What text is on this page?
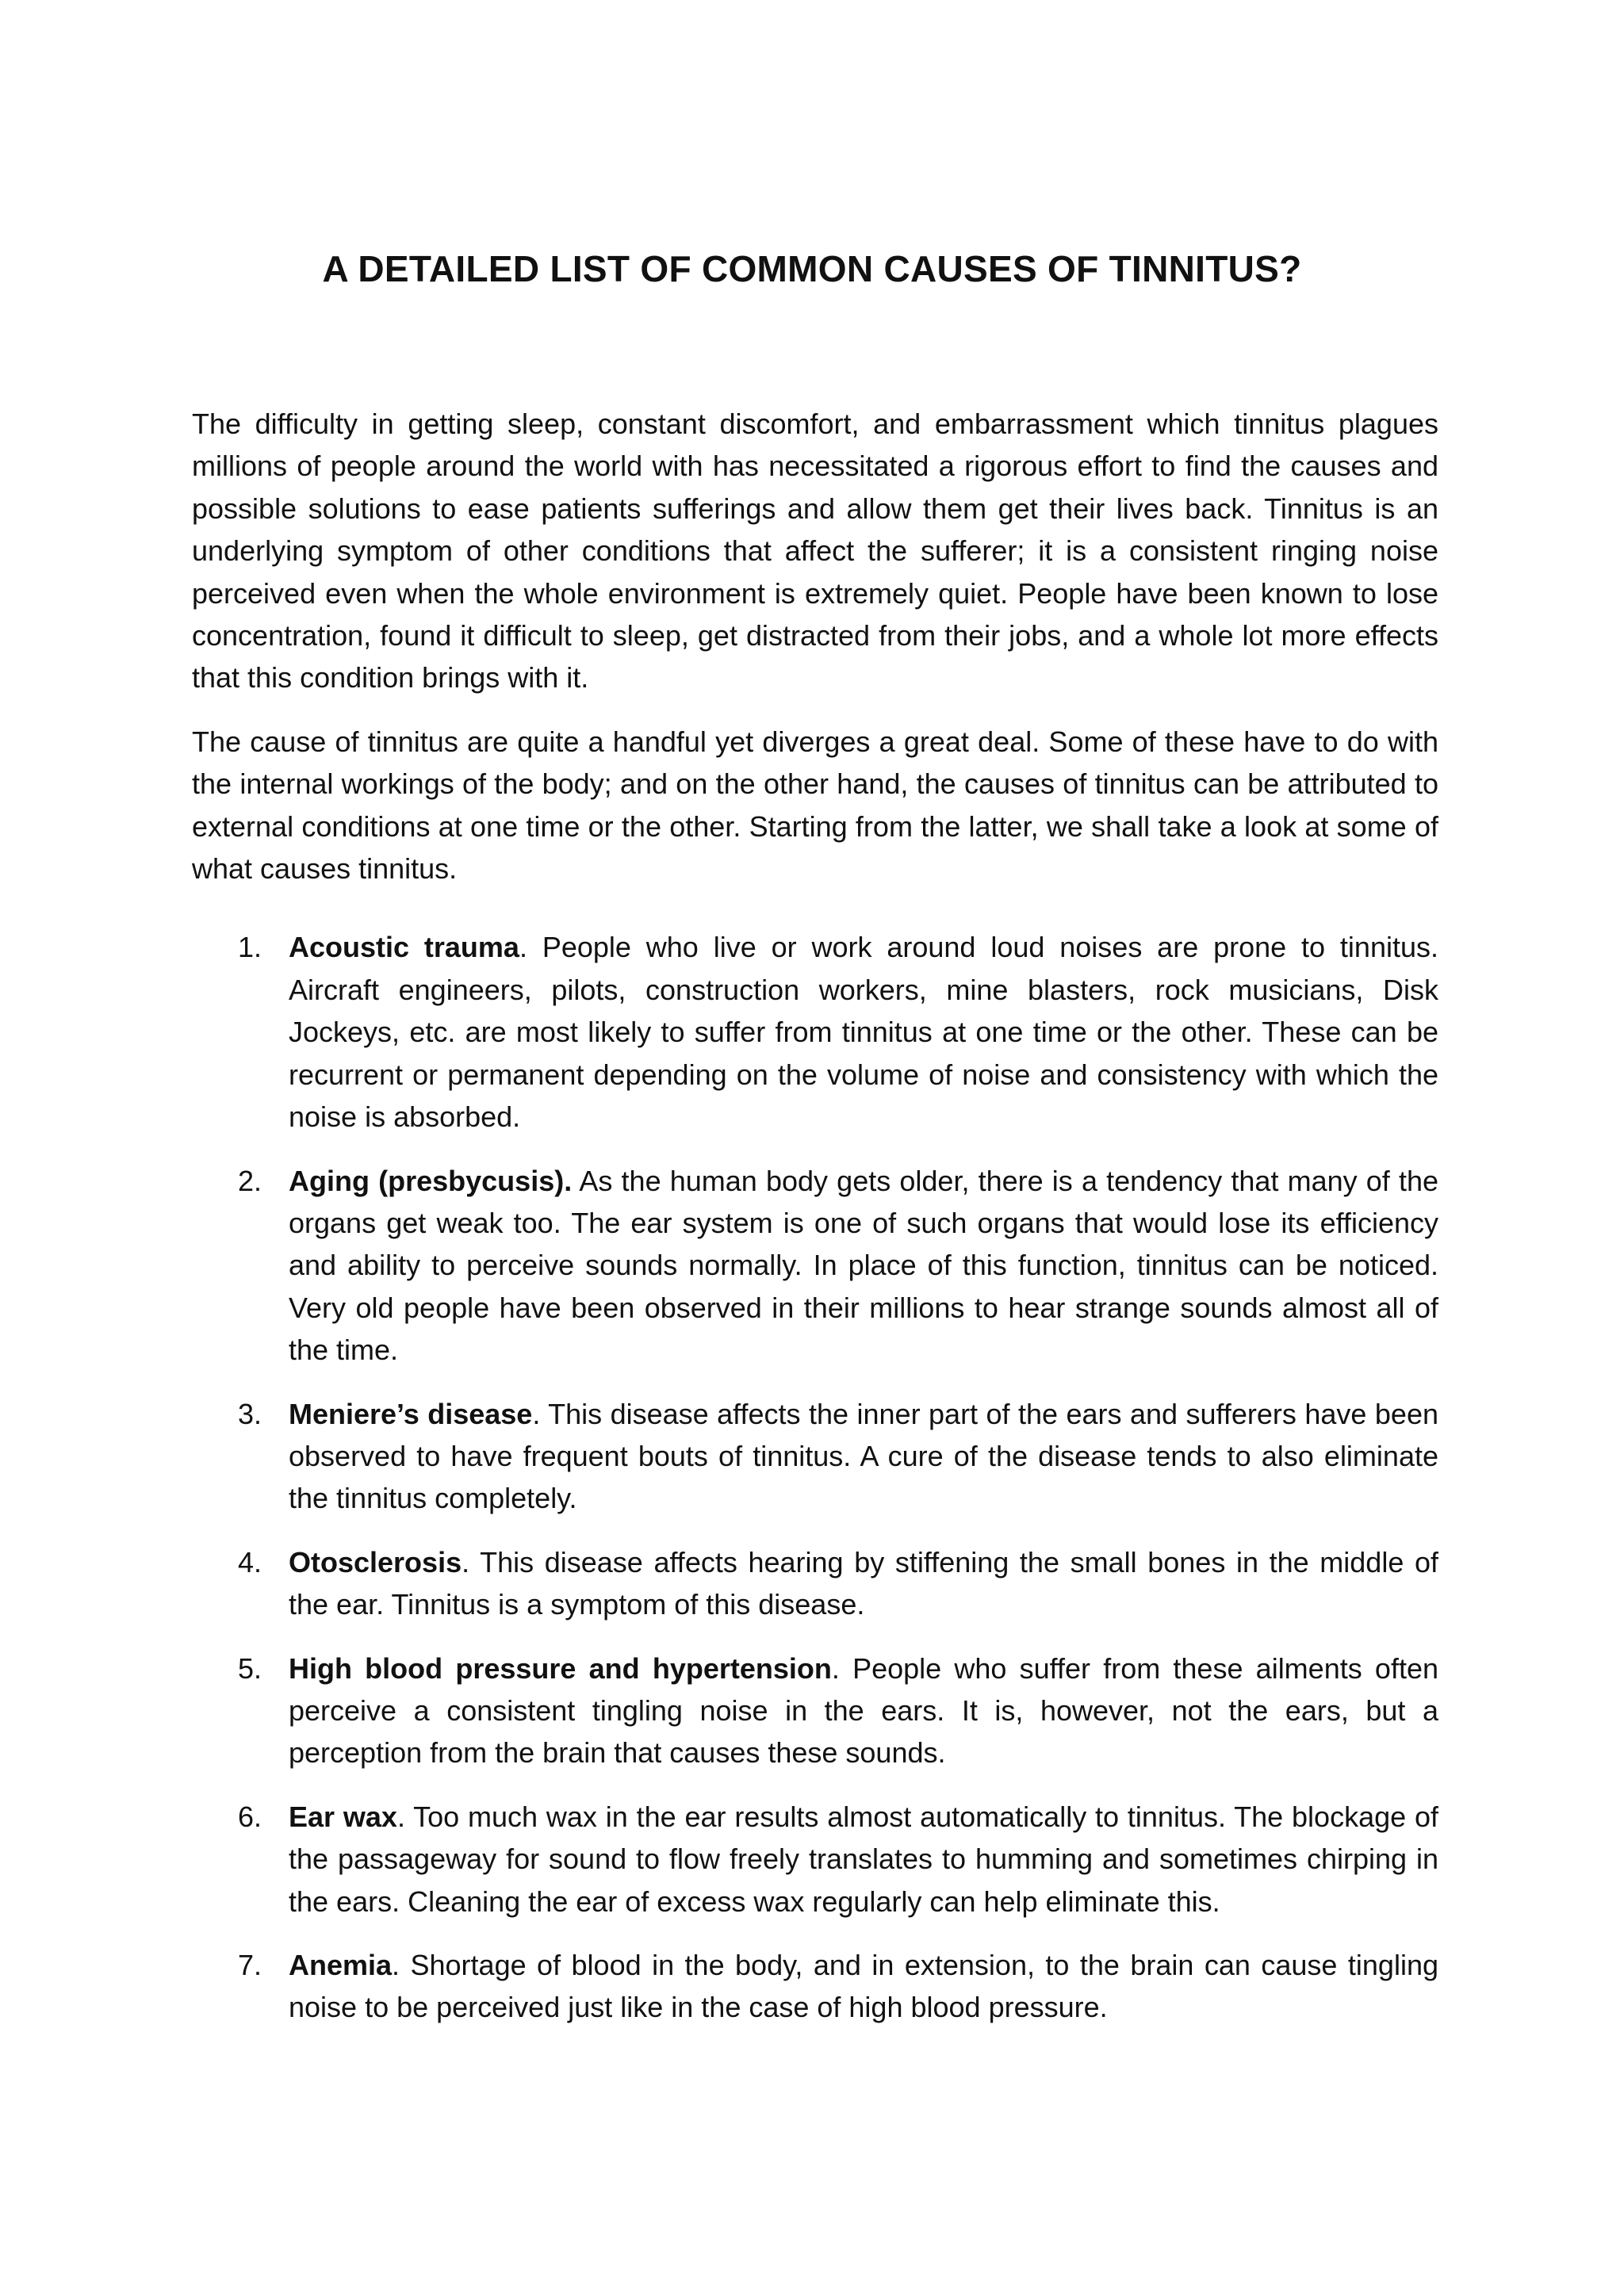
A DETAILED LIST OF COMMON CAUSES OF TINNITUS?

The difficulty in getting sleep, constant discomfort, and embarrassment which tinnitus plagues millions of people around the world with has necessitated a rigorous effort to find the causes and possible solutions to ease patients sufferings and allow them get their lives back. Tinnitus is an underlying symptom of other conditions that affect the sufferer; it is a consistent ringing noise perceived even when the whole environment is extremely quiet. People have been known to lose concentration, found it difficult to sleep, get distracted from their jobs, and a whole lot more effects that this condition brings with it.

The cause of tinnitus are quite a handful yet diverges a great deal. Some of these have to do with the internal workings of the body; and on the other hand, the causes of tinnitus can be attributed to external conditions at one time or the other. Starting from the latter, we shall take a look at some of what causes tinnitus.

1. Acoustic trauma. People who live or work around loud noises are prone to tinnitus. Aircraft engineers, pilots, construction workers, mine blasters, rock musicians, Disk Jockeys, etc. are most likely to suffer from tinnitus at one time or the other. These can be recurrent or permanent depending on the volume of noise and consistency with which the noise is absorbed.
2. Aging (presbycusis). As the human body gets older, there is a tendency that many of the organs get weak too. The ear system is one of such organs that would lose its efficiency and ability to perceive sounds normally. In place of this function, tinnitus can be noticed. Very old people have been observed in their millions to hear strange sounds almost all of the time.
3. Meniere’s disease. This disease affects the inner part of the ears and sufferers have been observed to have frequent bouts of tinnitus. A cure of the disease tends to also eliminate the tinnitus completely.
4. Otosclerosis. This disease affects hearing by stiffening the small bones in the middle of the ear. Tinnitus is a symptom of this disease.
5. High blood pressure and hypertension. People who suffer from these ailments often perceive a consistent tingling noise in the ears. It is, however, not the ears, but a perception from the brain that causes these sounds.
6. Ear wax. Too much wax in the ear results almost automatically to tinnitus. The blockage of the passageway for sound to flow freely translates to humming and sometimes chirping in the ears. Cleaning the ear of excess wax regularly can help eliminate this.
7. Anemia. Shortage of blood in the body, and in extension, to the brain can cause tingling noise to be perceived just like in the case of high blood pressure.
